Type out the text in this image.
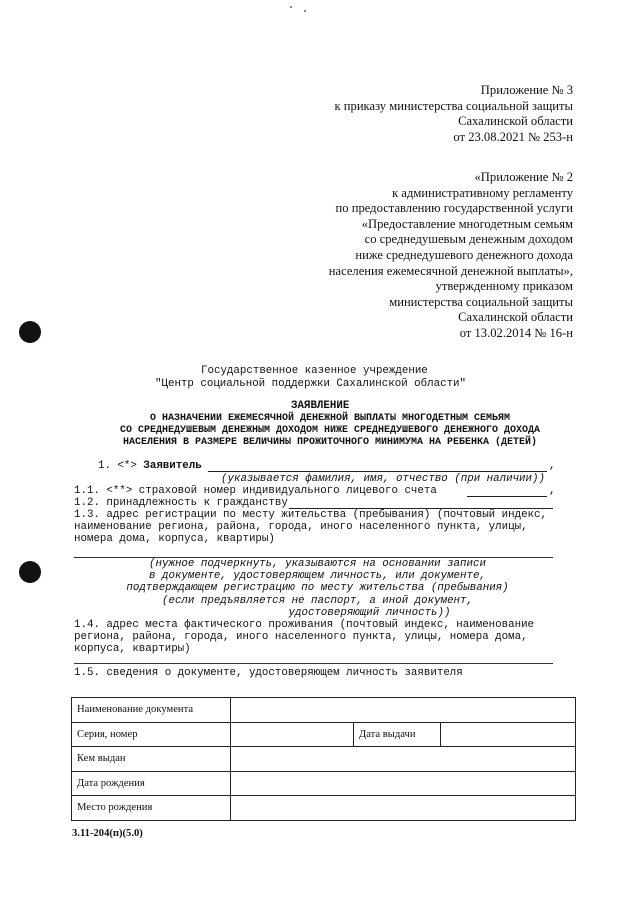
Приложение № 3
к приказу министерства социальной защиты
Сахалинской области
от 23.08.2021 № 253-н
«Приложение № 2
к административному регламенту
по предоставлению государственной услуги
«Предоставление многодетным семьям
со среднедушевым денежным доходом
ниже среднедушевого денежного дохода
населения ежемесячной денежной выплаты»,
утвержденному приказом
министерства социальной защиты
Сахалинской области
от 13.02.2014 № 16-н
Государственное казенное учреждение
"Центр социальной поддержки Сахалинской области"
ЗАЯВЛЕНИЕ
О НАЗНАЧЕНИИ ЕЖЕМЕСЯЧНОЙ ДЕНЕЖНОЙ ВЫПЛАТЫ МНОГОДЕТНЫМ СЕМЬЯМ
СО СРЕДНЕДУШЕВЫМ ДЕНЕЖНЫМ ДОХОДОМ НИЖЕ СРЕДНЕДУШЕВОГО ДЕНЕЖНОГО ДОХОДА
НАСЕЛЕНИЯ В РАЗМЕРЕ ВЕЛИЧИНЫ ПРОЖИТОЧНОГО МИНИМУМА НА РЕБЕНКА (ДЕТЕЙ)
1. <*> Заявитель	,
(указывается фамилия, имя, отчество (при наличии))
1.1. <**> страховой номер индивидуального лицевого счета	,
1.2. принадлежность к гражданству
1.3. адрес регистрации по месту жительства (пребывания) (почтовый индекс,
наименование региона, района, города, иного населенного пункта, улицы,
номера дома, корпуса, квартиры)
(нужное подчеркнуть, указываются на основании записи
в документе, удостоверяющем личность, или документе,
подтверждающем регистрацию по месту жительства (пребывания)
(если предъявляется не паспорт, а иной документ,
удостоверяющий личность))
1.4. адрес места фактического проживания (почтовый индекс, наименование
региона, района, города, иного населенного пункта, улицы, номера дома,
корпуса, квартиры)
1.5. сведения о документе, удостоверяющем личность заявителя
Наименование документа			
Серия, номер		Дата выдачи	
Кем выдан			
Дата рождения			
Место рождения			
3.11-204(п)(5.0)
